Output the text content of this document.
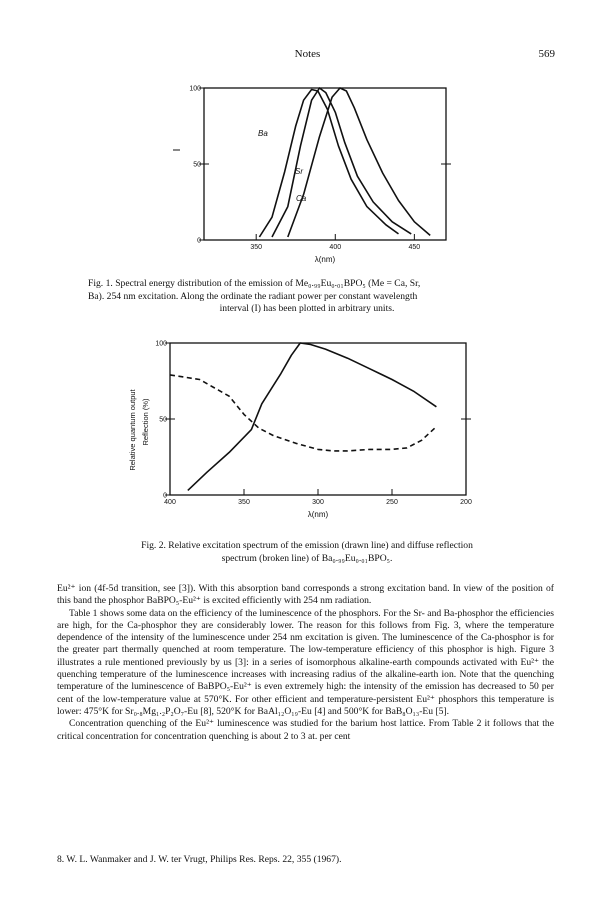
Notes	569
350	400	450
0
50
100
λ(nm)
Ba
Sr
Ca
400	350	300	250	200
0
50
100
λ(nm)
Relative quantum output Reflection (%)
Fig. 1. Spectral energy distribution of the emission of Me₀.₉₉Eu₀.₀₁BPO₅ (Me = Ca, Sr,
Ba). 254 nm excitation. Along the ordinate the radiant power per constant wavelength
interval (I) has been plotted in arbitrary units.
Fig. 2. Relative excitation spectrum of the emission (drawn line) and diffuse reflection
spectrum (broken line) of Ba₀.₉₉Eu₀.₀₁BPO₅.

Eu²⁺ ion (4f-5d transition, see [3]). With this absorption band corresponds a strong excitation band. In view of the position of this band the phosphor BaBPO₅-Eu²⁺ is excited efficiently with 254 nm radiation.

Table 1 shows some data on the efficiency of the luminescence of the phosphors. For the Sr- and Ba-phosphor the efficiencies are high, for the Ca-phosphor they are considerably lower. The reason for this follows from Fig. 3, where the temperature dependence of the intensity of the luminescence under 254 nm excitation is given. The luminescence of the Ca-phosphor is for the greater part thermally quenched at room temperature. The low-temperature efficiency of this phosphor is high. Figure 3 illustrates a rule mentioned previously by us [3]: in a series of isomorphous alkaline-earth compounds activated with Eu²⁺ the quenching temperature of the luminescence increases with increasing radius of the alkaline-earth ion. Note that the quenching temperature of the luminescence of BaBPO₅-Eu²⁺ is even extremely high: the intensity of the emission has decreased to 50 per cent of the low-temperature value at 570°K. For other efficient and temperature-persistent Eu²⁺ phosphors this temperature is lower: 475°K for Sr₀.₈Mg₁.₂P₂O₇-Eu [8], 520°K for BaAl₁₂O₁₉-Eu [4] and 500°K for BaB₈O₁₃-Eu [5].

Concentration quenching of the Eu²⁺ luminescence was studied for the barium host lattice. From Table 2 it follows that the critical concentration for concentration quenching is about 2 to 3 at. per cent

8. W. L. Wanmaker and J. W. ter Vrugt, Philips Res. Reps. 22, 355 (1967).
